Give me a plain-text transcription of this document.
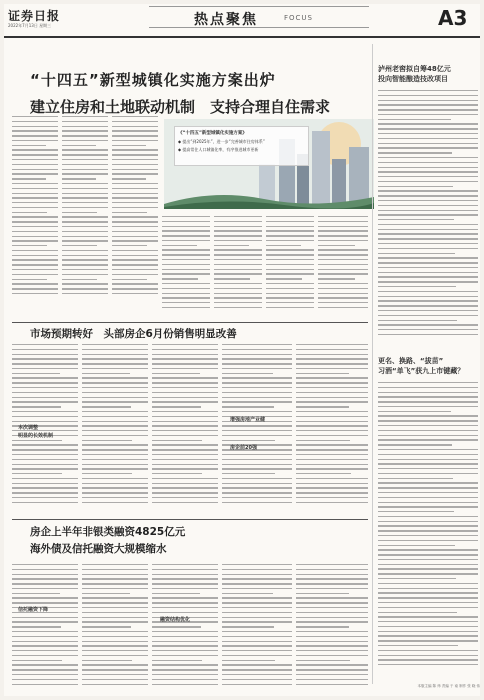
证券日报
2022年7月13日 星期三	热点聚焦	FOCUS	A3
“十四五”新型城镇化实施方案出炉
建立住房和土地联动机制　支持合理自住需求
《“十四五”新型城镇化实施方案》
◆ 提出“到2025年”，进一步“完善城市住房体系”
◆ 提高常住人口城镇化率，有序推进城市更新
泸州老窖拟自筹48亿元
投向智能酿造技改项目
更名、换路、“拔苗”
习酒“单飞”获九上市键藏？
市场预期转好　头部房企6月份销售明显改善
房企上半年非银类融资4825亿元
海外债及信托融资大规模缩水
本次调整
明显的长效机制
增强房地产业健
房企前20强
融资结构优化
信托融资下降
本版主编 陈 炜 责编 于 南 制作 张 晓 伟
